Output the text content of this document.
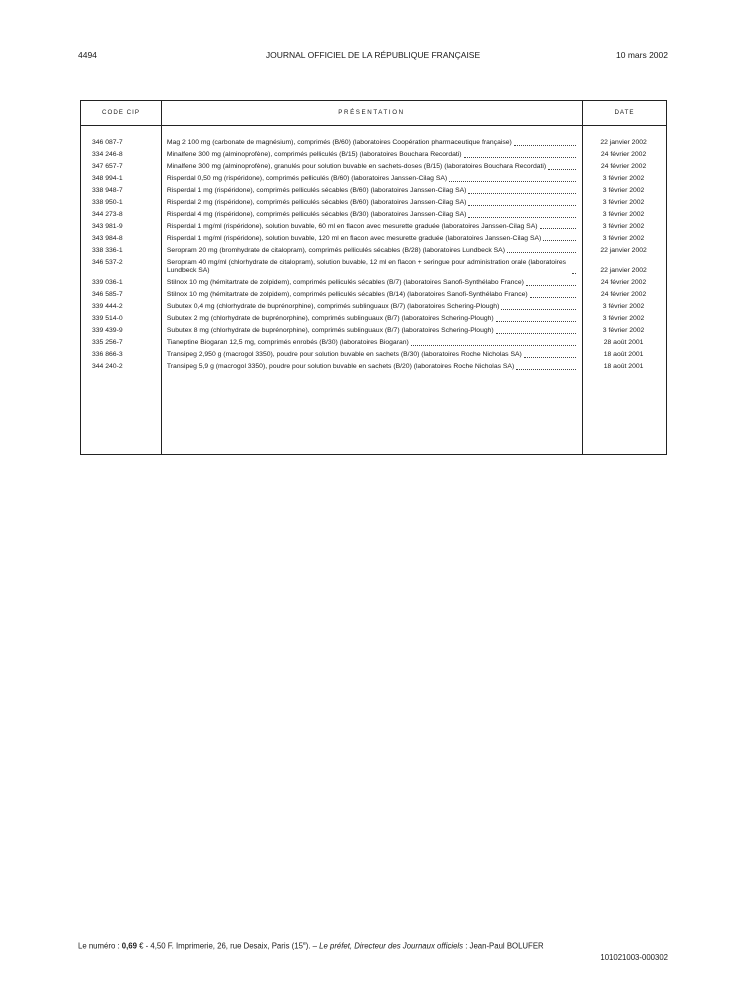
4494	JOURNAL OFFICIEL DE LA RÉPUBLIQUE FRANÇAISE	10 mars 2002
CODE CIP	PRÉSENTATION	DATE
346 087-7	Mag 2 100 mg (carbonate de magnésium), comprimés (B/60) (laboratoires Coopération pharmaceutique française)	22 janvier 2002
334 246-8	Minalfene 300 mg (alminoprofène), comprimés pelliculés (B/15) (laboratoires Bouchara Recordati)	24 février 2002
347 657-7	Minalfene 300 mg (alminoprofène), granulés pour solution buvable en sachets-doses (B/15) (laboratoires Bouchara Recordati)	24 février 2002
348 994-1	Risperdal 0,50 mg (rispéridone), comprimés pelliculés (B/60) (laboratoires Janssen-Cilag SA)	3 février 2002
338 948-7	Risperdal 1 mg (rispéridone), comprimés pelliculés sécables (B/60) (laboratoires Janssen-Cilag SA)	3 février 2002
338 950-1	Risperdal 2 mg (rispéridone), comprimés pelliculés sécables (B/60) (laboratoires Janssen-Cilag SA)	3 février 2002
344 273-8	Risperdal 4 mg (rispéridone), comprimés pelliculés sécables (B/30) (laboratoires Janssen-Cilag SA)	3 février 2002
343 981-9	Risperdal 1 mg/ml (rispéridone), solution buvable, 60 ml en flacon avec mesurette graduée (laboratoires Janssen-Cilag SA)	3 février 2002
343 984-8	Risperdal 1 mg/ml (rispéridone), solution buvable, 120 ml en flacon avec mesurette graduée (laboratoires Janssen-Cilag SA)	3 février 2002
338 336-1	Seropram 20 mg (bromhydrate de citalopram), comprimés pelliculés sécables (B/28) (laboratoires Lundbeck SA)	22 janvier 2002
346 537-2	Seropram 40 mg/ml (chlorhydrate de citalopram), solution buvable, 12 ml en flacon + seringue pour administration orale (laboratoires Lundbeck SA)	22 janvier 2002
339 036-1	Stilnox 10 mg (hémitartrate de zolpidem), comprimés pelliculés sécables (B/7) (laboratoires Sanofi-Synthélabo France)	24 février 2002
346 585-7	Stilnox 10 mg (hémitartrate de zolpidem), comprimés pelliculés sécables (B/14) (laboratoires Sanofi-Synthélabo France)	24 février 2002
339 444-2	Subutex 0,4 mg (chlorhydrate de buprénorphine), comprimés sublinguaux (B/7) (laboratoires Schering-Plough)	3 février 2002
339 514-0	Subutex 2 mg (chlorhydrate de buprénorphine), comprimés sublinguaux (B/7) (laboratoires Schering-Plough)	3 février 2002
339 439-9	Subutex 8 mg (chlorhydrate de buprénorphine), comprimés sublinguaux (B/7) (laboratoires Schering-Plough)	3 février 2002
335 256-7	Tianeptine Biogaran 12,5 mg, comprimés enrobés (B/30) (laboratoires Biogaran)	28 août 2001
336 866-3	Transipeg 2,950 g (macrogol 3350), poudre pour solution buvable en sachets (B/30) (laboratoires Roche Nicholas SA)	18 août 2001
344 240-2	Transipeg 5,9 g (macrogol 3350), poudre pour solution buvable en sachets (B/20) (laboratoires Roche Nicholas SA)	18 août 2001
Le numéro : 0,69 € - 4,50 F. Imprimerie, 26, rue Desaix, Paris (15e). – Le préfet, Directeur des Journaux officiels : Jean-Paul BOLUFER
101021003-000302
